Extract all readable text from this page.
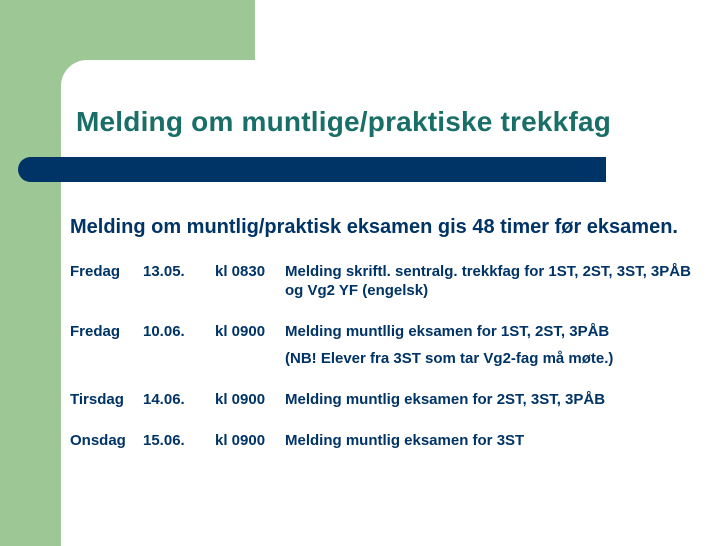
Melding om muntlige/praktiske trekkfag

Melding om muntlig/praktisk eksamen gis 48 timer før eksamen.

Fredag	13.05.	kl 0830	Melding skriftl. sentralg. trekkfag for 1ST, 2ST, 3ST, 3PÅB og Vg2 YF (engelsk)
Fredag	10.06.	kl 0900	Melding muntllig eksamen for 1ST, 2ST, 3PÅB
(NB! Elever fra 3ST som tar Vg2-fag må møte.)
Tirsdag	14.06.	kl 0900	Melding muntlig eksamen for 2ST, 3ST, 3PÅB
Onsdag	15.06.	kl 0900	Melding muntlig eksamen for 3ST
